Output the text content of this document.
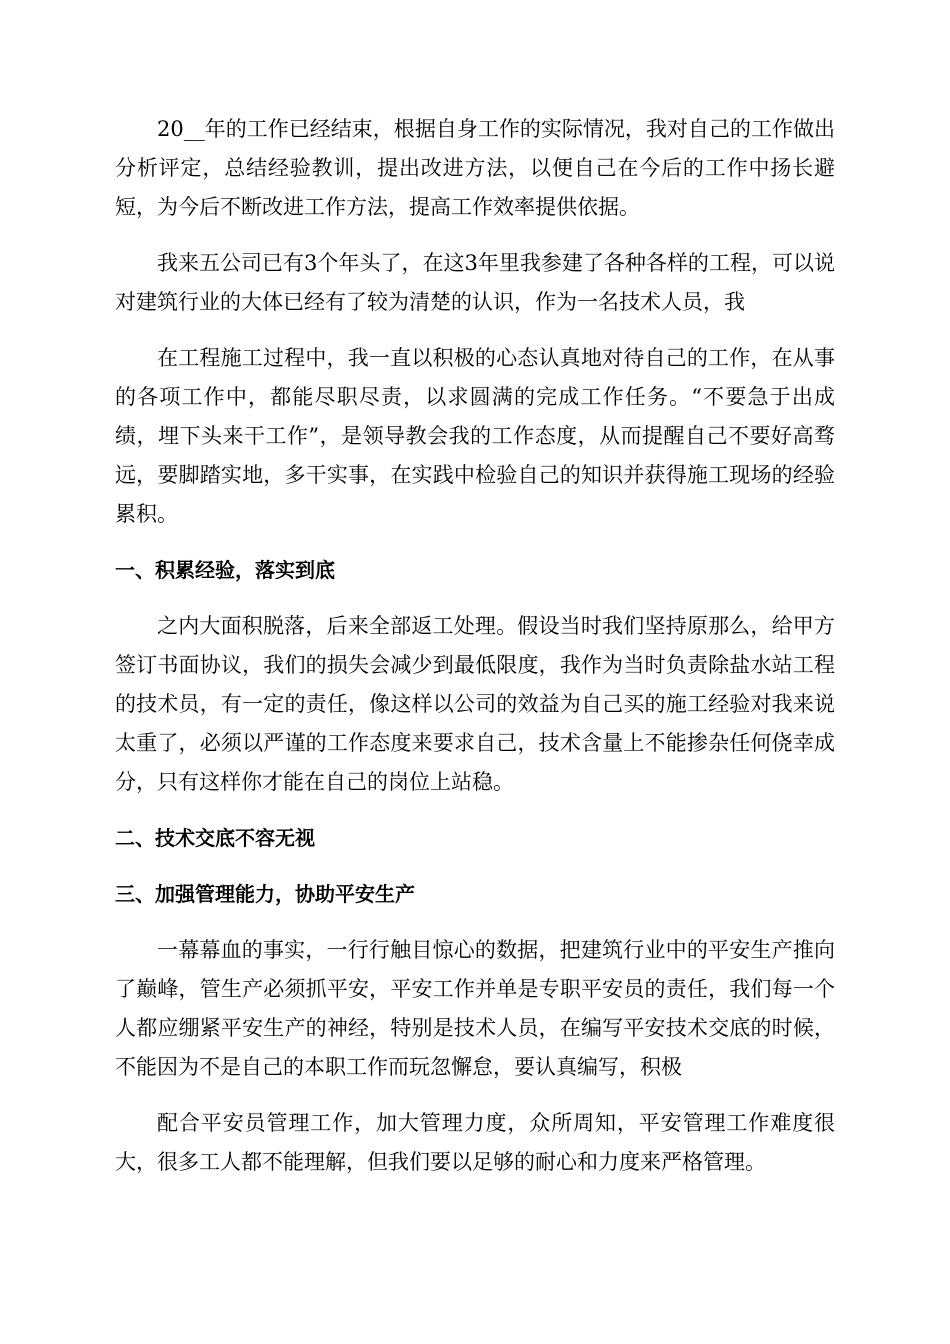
20__年的工作已经结束，根据自身工作的实际情况，我对自己的工作做出分析评定，总结经验教训，提出改进方法，以便自己在今后的工作中扬长避短，为今后不断改进工作方法，提高工作效率提供依据。

我来五公司已有3个年头了，在这3年里我参建了各种各样的工程，可以说对建筑行业的大体已经有了较为清楚的认识，作为一名技术人员，我

在工程施工过程中，我一直以积极的心态认真地对待自己的工作，在从事的各项工作中，都能尽职尽责，以求圆满的完成工作任务。“不要急于出成绩，埋下头来干工作”，是领导教会我的工作态度，从而提醒自己不要好高骛远，要脚踏实地，多干实事，在实践中检验自己的知识并获得施工现场的经验累积。

一、积累经验，落实到底

之内大面积脱落，后来全部返工处理。假设当时我们坚持原那么，给甲方签订书面协议，我们的损失会减少到最低限度，我作为当时负责除盐水站工程的技术员，有一定的责任，像这样以公司的效益为自己买的施工经验对我来说太重了，必须以严谨的工作态度来要求自己，技术含量上不能掺杂任何侥幸成分，只有这样你才能在自己的岗位上站稳。

二、技术交底不容无视

三、加强管理能力，协助平安生产

一幕幕血的事实，一行行触目惊心的数据，把建筑行业中的平安生产推向了巅峰，管生产必须抓平安，平安工作并单是专职平安员的责任，我们每一个人都应绷紧平安生产的神经，特别是技术人员，在编写平安技术交底的时候，不能因为不是自己的本职工作而玩忽懈怠，要认真编写，积极

配合平安员管理工作，加大管理力度，众所周知，平安管理工作难度很大，很多工人都不能理解，但我们要以足够的耐心和力度来严格管理。
